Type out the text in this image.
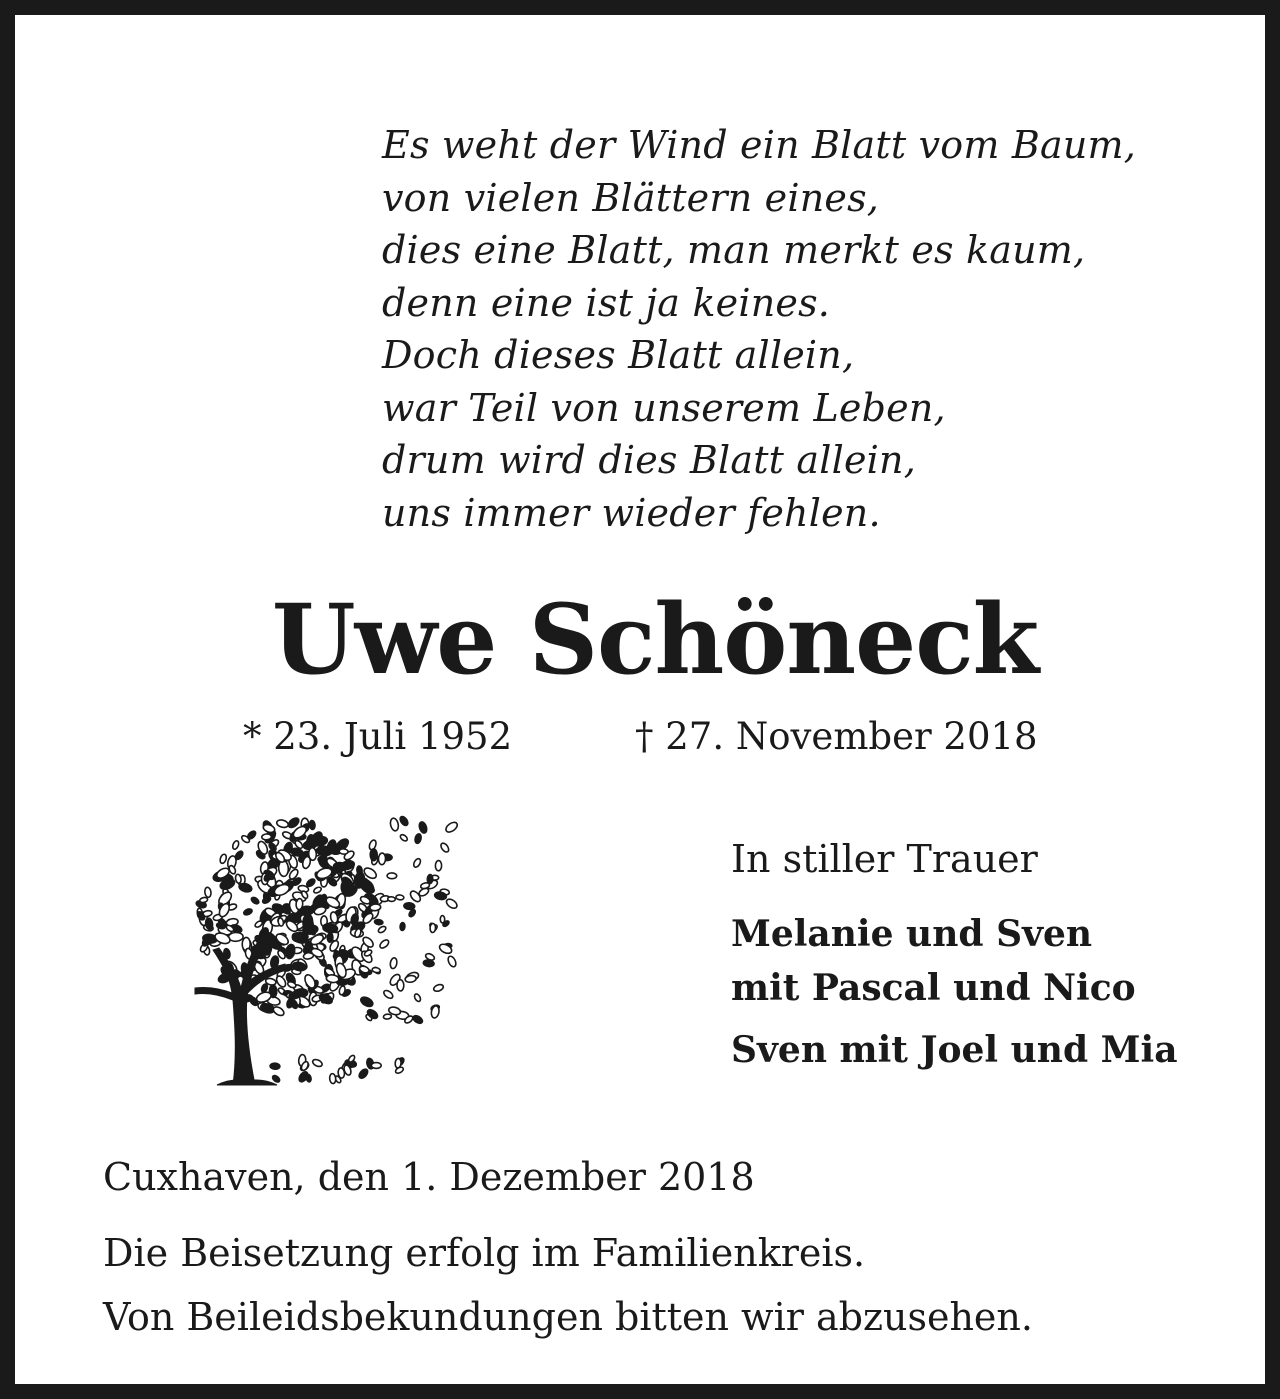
Es weht der Wind ein Blatt vom Baum,
von vielen Blättern eines,
dies eine Blatt, man merkt es kaum,
denn eine ist ja keines.
Doch dieses Blatt allein,
war Teil von unserem Leben,
drum wird dies Blatt allein,
uns immer wieder fehlen.
Uwe Schöneck

* 23. Juli 1952	† 27. November 2018

In stiller Trauer

Melanie und Sven
mit Pascal und Nico
Sven mit Joel und Mia

Cuxhaven, den 1. Dezember 2018

Die Beisetzung erfolg im Familienkreis.

Von Beileidsbekundungen bitten wir abzusehen.
